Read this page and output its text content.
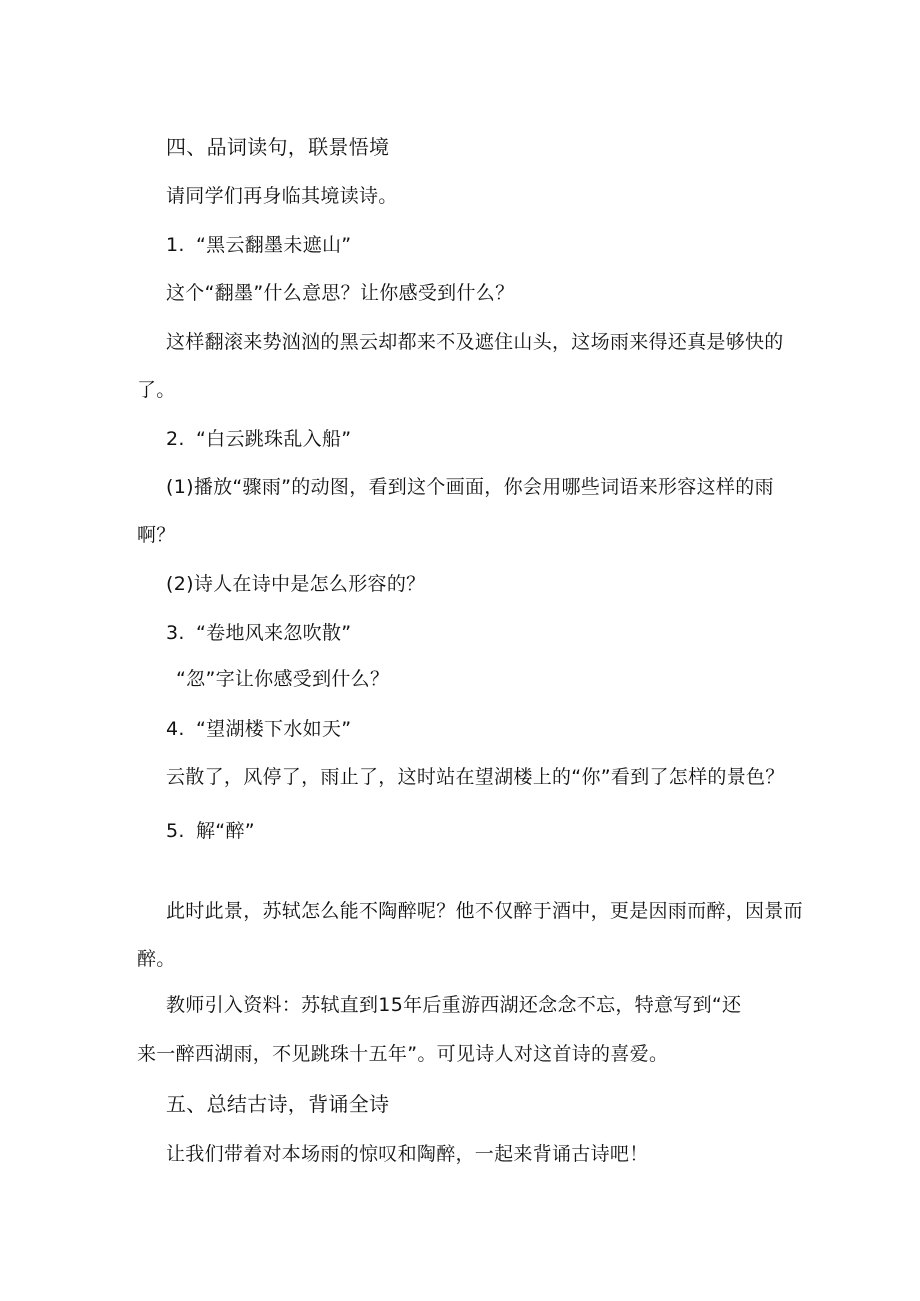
四、品词读句，联景悟境
请同学们再身临其境读诗。
1. “黑云翻墨未遮山”
这个“翻墨”什么意思？让你感受到什么？
这样翻滚来势汹汹的黑云却都来不及遮住山头，这场雨来得还真是够快的
了。
2. “白云跳珠乱入船”
(1)播放“骤雨”的动图，看到这个画面，你会用哪些词语来形容这样的雨
啊？
(2)诗人在诗中是怎么形容的？
3. “卷地风来忽吹散”
“忽”字让你感受到什么？
4. “望湖楼下水如天”
云散了，风停了，雨止了，这时站在望湖楼上的“你”看到了怎样的景色？
5. 解“醉”
此时此景，苏轼怎么能不陶醉呢？他不仅醉于酒中，更是因雨而醉，因景而
醉。
教师引入资料：苏轼直到15年后重游西湖还念念不忘，特意写到“还
来一醉西湖雨，不见跳珠十五年”。可见诗人对这首诗的喜爱。
五、总结古诗，背诵全诗
让我们带着对本场雨的惊叹和陶醉，一起来背诵古诗吧！
